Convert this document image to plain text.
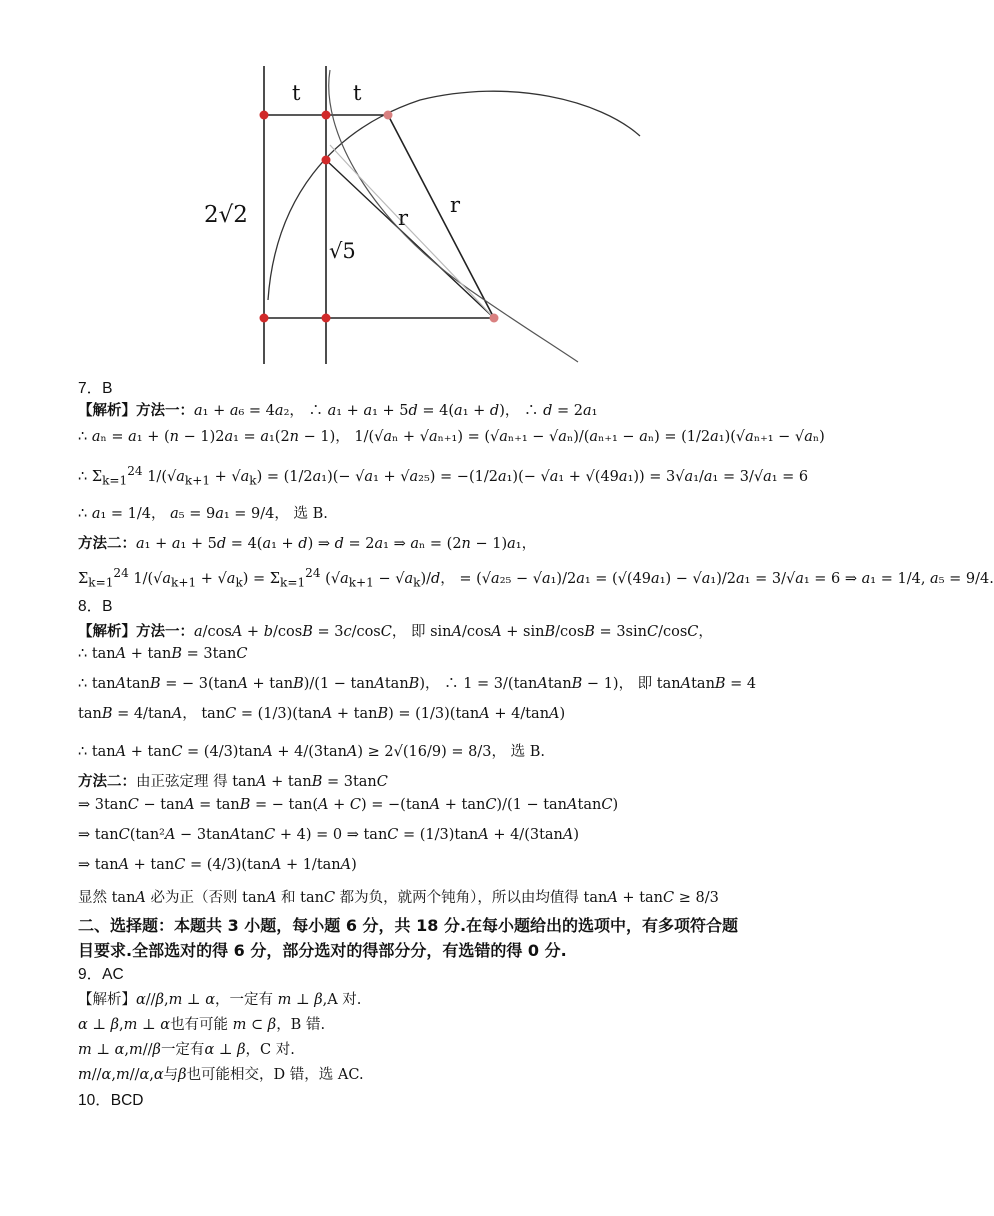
t	t
2√2
√5
r
r
7．B
【解析】方法一：a₁ + a₆ = 4a₂， ∴ a₁ + a₁ + 5d = 4(a₁ + d)， ∴ d = 2a₁
∴ aₙ = a₁ + (n − 1)2a₁ = a₁(2n − 1)， 1/(√aₙ + √aₙ₊₁) = (√aₙ₊₁ − √aₙ)/(aₙ₊₁ − aₙ) = (1/2a₁)(√aₙ₊₁ − √aₙ)
∴ $\Sigma_{k=1}^{24}$ $1/(√a_{k+1} + √a_k) = (1/2a_1)(- √a_1 + √a_{25}) = -(1/2a_1)(- √a_1 + √(49a_1)) = 3√a_1/a_1 = 3/√a_1 = 6$
∴ a₁ = 1/4， a₅ = 9a₁ = 9/4， 选 B.
方法二：a₁ + a₁ + 5d = 4(a₁ + d) ⇒ d = 2a₁ ⇒ aₙ = (2n − 1)a₁，
$\Sigma_{k=1}^{24}$ $1/(√a_{k+1} + √a_k) = \Sigma_{k=1}^{24}$ $(√a_{k+1} - √a_k)/d$， = (√a₂₅ − √a₁)/2a₁ = (√(49a₁) − √a₁)/2a₁ = 3/√a₁ = 6 ⇒ a₁ = 1/4, a₅ = 9/4.
8．B
【解析】方法一：a/cosA + b/cosB = 3c/cosC， 即 sinA/cosA + sinB/cosB = 3sinC/cosC，
∴ tanA + tanB = 3tanC
∴ tanAtanB = − 3(tanA + tanB)/(1 − tanAtanB)， ∴ 1 = 3/(tanAtanB − 1)， 即 tanAtanB = 4
tanB = 4/tanA， tanC = (1/3)(tanA + tanB) = (1/3)(tanA + 4/tanA)
∴ tanA + tanC = (4/3)tanA + 4/(3tanA) ≥ 2√(16/9) = 8/3， 选 B.
方法二：由正弦定理 得 tanA + tanB = 3tanC
⇒ 3tanC − tanA = tanB = − tan(A + C) = −(tanA + tanC)/(1 − tanAtanC)
⇒ tanC(tan²A − 3tanAtanC + 4) = 0 ⇒ tanC = (1/3)tanA + 4/(3tanA)
⇒ tanA + tanC = (4/3)(tanA + 1/tanA)
显然 tanA 必为正（否则 tanA 和 tanC 都为负，就两个钝角），所以由均值得 tanA + tanC ≥ 8/3
二、选择题：本题共 3 小题，每小题 6 分，共 18 分.在每小题给出的选项中，有多项符合题
目要求.全部选对的得 6 分，部分选对的得部分分，有选错的得 0 分.
9．AC
【解析】α//β,m ⊥ α，一定有 m ⊥ β,A 对.
α ⊥ β,m ⊥ α也有可能 m ⊂ β，B 错.
m ⊥ α,m//β一定有α ⊥ β，C 对.
m//α,m//α,α与β也可能相交，D 错，选 AC.
10．BCD
